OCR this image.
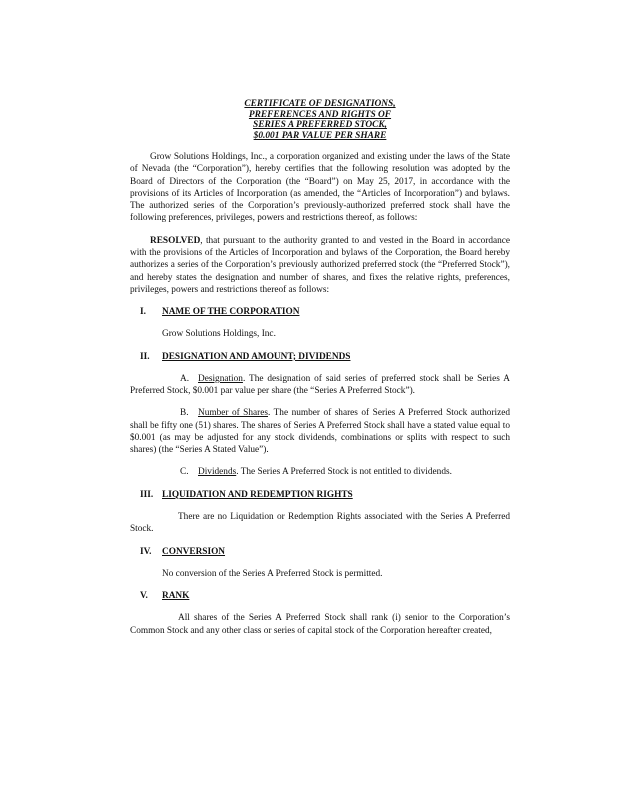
CERTIFICATE OF DESIGNATIONS,
PREFERENCES AND RIGHTS OF
SERIES A PREFERRED STOCK,
$0.001 PAR VALUE PER SHARE

Grow Solutions Holdings, Inc., a corporation organized and existing under the laws of the State of Nevada (the “Corporation”), hereby certifies that the following resolution was adopted by the Board of Directors of the Corporation (the “Board”) on May 25, 2017, in accordance with the provisions of its Articles of Incorporation (as amended, the “Articles of Incorporation”) and bylaws. The authorized series of the Corporation’s previously-authorized preferred stock shall have the following preferences, privileges, powers and restrictions thereof, as follows:

RESOLVED, that pursuant to the authority granted to and vested in the Board in accordance with the provisions of the Articles of Incorporation and bylaws of the Corporation, the Board hereby authorizes a series of the Corporation’s previously authorized preferred stock (the “Preferred Stock”), and hereby states the designation and number of shares, and fixes the relative rights, preferences, privileges, powers and restrictions thereof as follows:

I.	NAME OF THE CORPORATION
Grow Solutions Holdings, Inc.
II.	DESIGNATION AND AMOUNT; DIVIDENDS

A. Designation. The designation of said series of preferred stock shall be Series A Preferred Stock, $0.001 par value per share (the “Series A Preferred Stock”).

B. Number of Shares. The number of shares of Series A Preferred Stock authorized shall be fifty one (51) shares. The shares of Series A Preferred Stock shall have a stated value equal to $0.001 (as may be adjusted for any stock dividends, combinations or splits with respect to such shares) (the “Series A Stated Value”).

C. Dividends. The Series A Preferred Stock is not entitled to dividends.

III. LIQUIDATION AND REDEMPTION RIGHTS

There are no Liquidation or Redemption Rights associated with the Series A Preferred Stock.

IV.	CONVERSION
No conversion of the Series A Preferred Stock is permitted.
V.	RANK

All shares of the Series A Preferred Stock shall rank (i) senior to the Corporation’s Common Stock and any other class or series of capital stock of the Corporation hereafter created,
